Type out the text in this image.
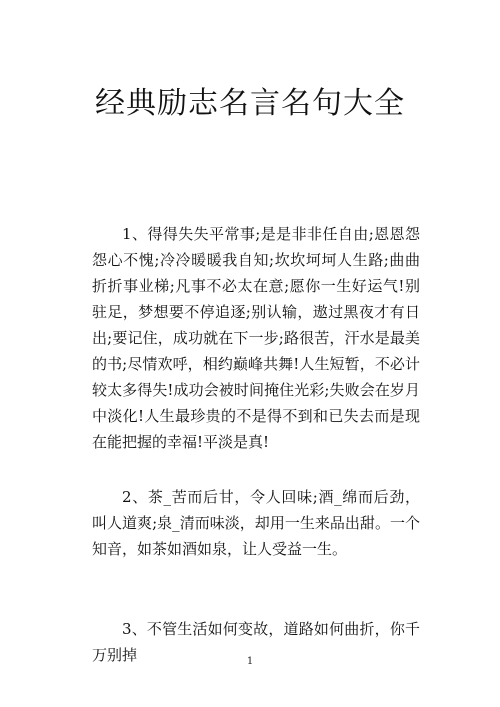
经典励志名言名句大全

1、得得失失平常事;是是非非任自由;恩恩怨怨心不愧;冷冷暖暖我自知;坎坎坷坷人生路;曲曲折折事业梯;凡事不必太在意;愿你一生好运气!别驻足，梦想要不停追逐;别认输，遨过黑夜才有日出;要记住，成功就在下一步;路很苦，汗水是最美的书;尽情欢呼，相约巅峰共舞!人生短暂，不必计较太多得失!成功会被时间掩住光彩;失败会在岁月中淡化!人生最珍贵的不是得不到和已失去而是现在能把握的幸福!平淡是真!

2、茶_苦而后甘，令人回味;酒_绵而后劲，叫人道爽;泉_清而味淡，却用一生来品出甜。一个知音，如茶如酒如泉，让人受益一生。

3、不管生活如何变故，道路如何曲折，你千万别掉	1
